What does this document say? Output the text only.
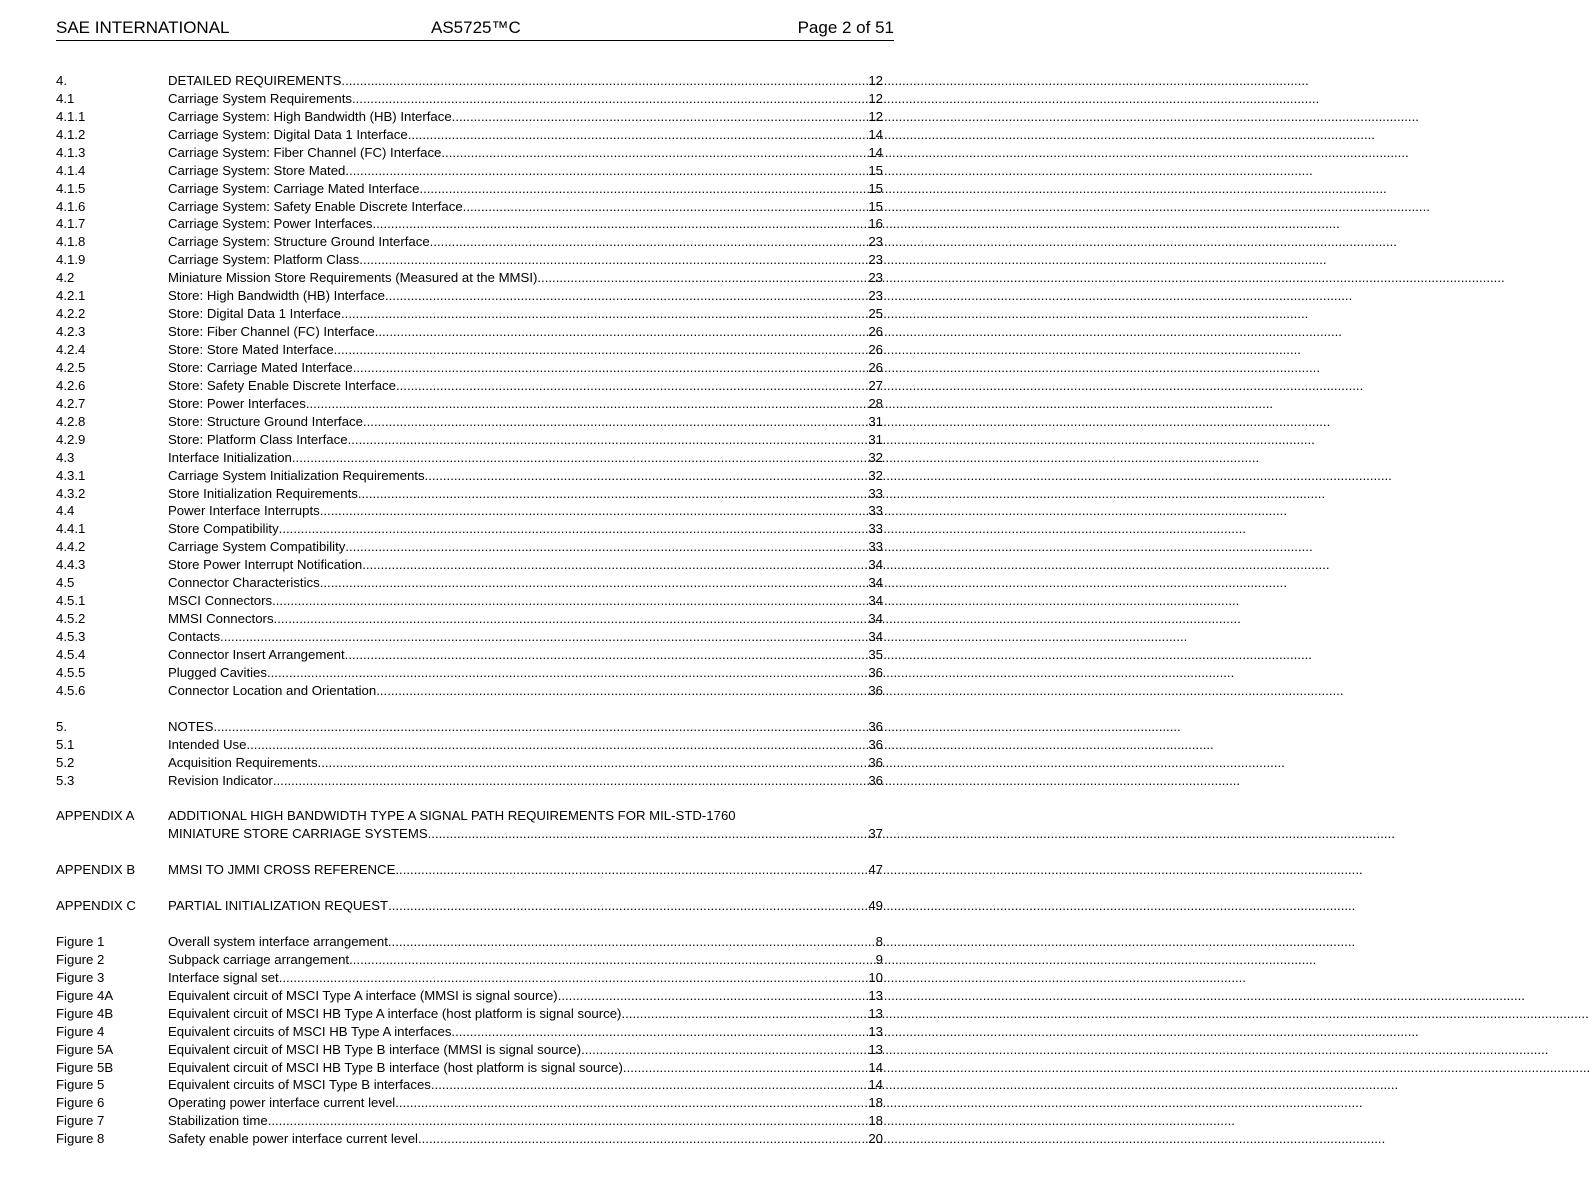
SAE INTERNATIONAL	AS5725™C	Page 2 of 51
4.	DETAILED REQUIREMENTS .....	12
4.1	Carriage System Requirements .....	12
4.1.1	Carriage System: High Bandwidth (HB) Interface .....	12
4.1.2	Carriage System: Digital Data 1 Interface .....	14
4.1.3	Carriage System: Fiber Channel (FC) Interface .....	14
4.1.4	Carriage System: Store Mated .....	15
4.1.5	Carriage System: Carriage Mated Interface .....	15
4.1.6	Carriage System: Safety Enable Discrete Interface .....	15
4.1.7	Carriage System: Power Interfaces .....	16
4.1.8	Carriage System: Structure Ground Interface .....	23
4.1.9	Carriage System: Platform Class .....	23
4.2	Miniature Mission Store Requirements (Measured at the MMSI) .....	23
4.2.1	Store: High Bandwidth (HB) Interface .....	23
4.2.2	Store: Digital Data 1 Interface .....	25
4.2.3	Store: Fiber Channel (FC) Interface .....	26
4.2.4	Store: Store Mated Interface .....	26
4.2.5	Store: Carriage Mated Interface .....	26
4.2.6	Store: Safety Enable Discrete Interface .....	27
4.2.7	Store: Power Interfaces .....	28
4.2.8	Store: Structure Ground Interface .....	31
4.2.9	Store: Platform Class Interface .....	31
4.3	Interface Initialization .....	32
4.3.1	Carriage System Initialization Requirements .....	32
4.3.2	Store Initialization Requirements .....	33
4.4	Power Interface Interrupts .....	33
4.4.1	Store Compatibility .....	33
4.4.2	Carriage System Compatibility .....	33
4.4.3	Store Power Interrupt Notification .....	34
4.5	Connector Characteristics .....	34
4.5.1	MSCI Connectors .....	34
4.5.2	MMSI Connectors .....	34
4.5.3	Contacts .....	34
4.5.4	Connector Insert Arrangement .....	35
4.5.5	Plugged Cavities .....	36
4.5.6	Connector Location and Orientation .....	36
5.	NOTES .....	36
5.1	Intended Use .....	36
5.2	Acquisition Requirements .....	36
5.3	Revision Indicator .....	36
APPENDIX A	ADDITIONAL HIGH BANDWIDTH TYPE A SIGNAL PATH REQUIREMENTS FOR MIL-STD-1760
MINIATURE STORE CARRIAGE SYSTEMS .....	37
APPENDIX B	MMSI TO JMMI CROSS REFERENCE .....	47
APPENDIX C	PARTIAL INITIALIZATION REQUEST .....	49
Figure 1	Overall system interface arrangement .....	8
Figure 2	Subpack carriage arrangement .....	9
Figure 3	Interface signal set .....	10
Figure 4A	Equivalent circuit of MSCI Type A interface (MMSI is signal source) .....	13
Figure 4B	Equivalent circuit of MSCI HB Type A interface (host platform is signal source) .....	13
Figure 4	Equivalent circuits of MSCI HB Type A interfaces .....	13
Figure 5A	Equivalent circuit of MSCI HB Type B interface (MMSI is signal source) .....	13
Figure 5B	Equivalent circuit of MSCI HB Type B interface (host platform is signal source) .....	14
Figure 5	Equivalent circuits of MSCI Type B interfaces .....	14
Figure 6	Operating power interface current level .....	18
Figure 7	Stabilization time .....	18
Figure 8	Safety enable power interface current level .....	20
